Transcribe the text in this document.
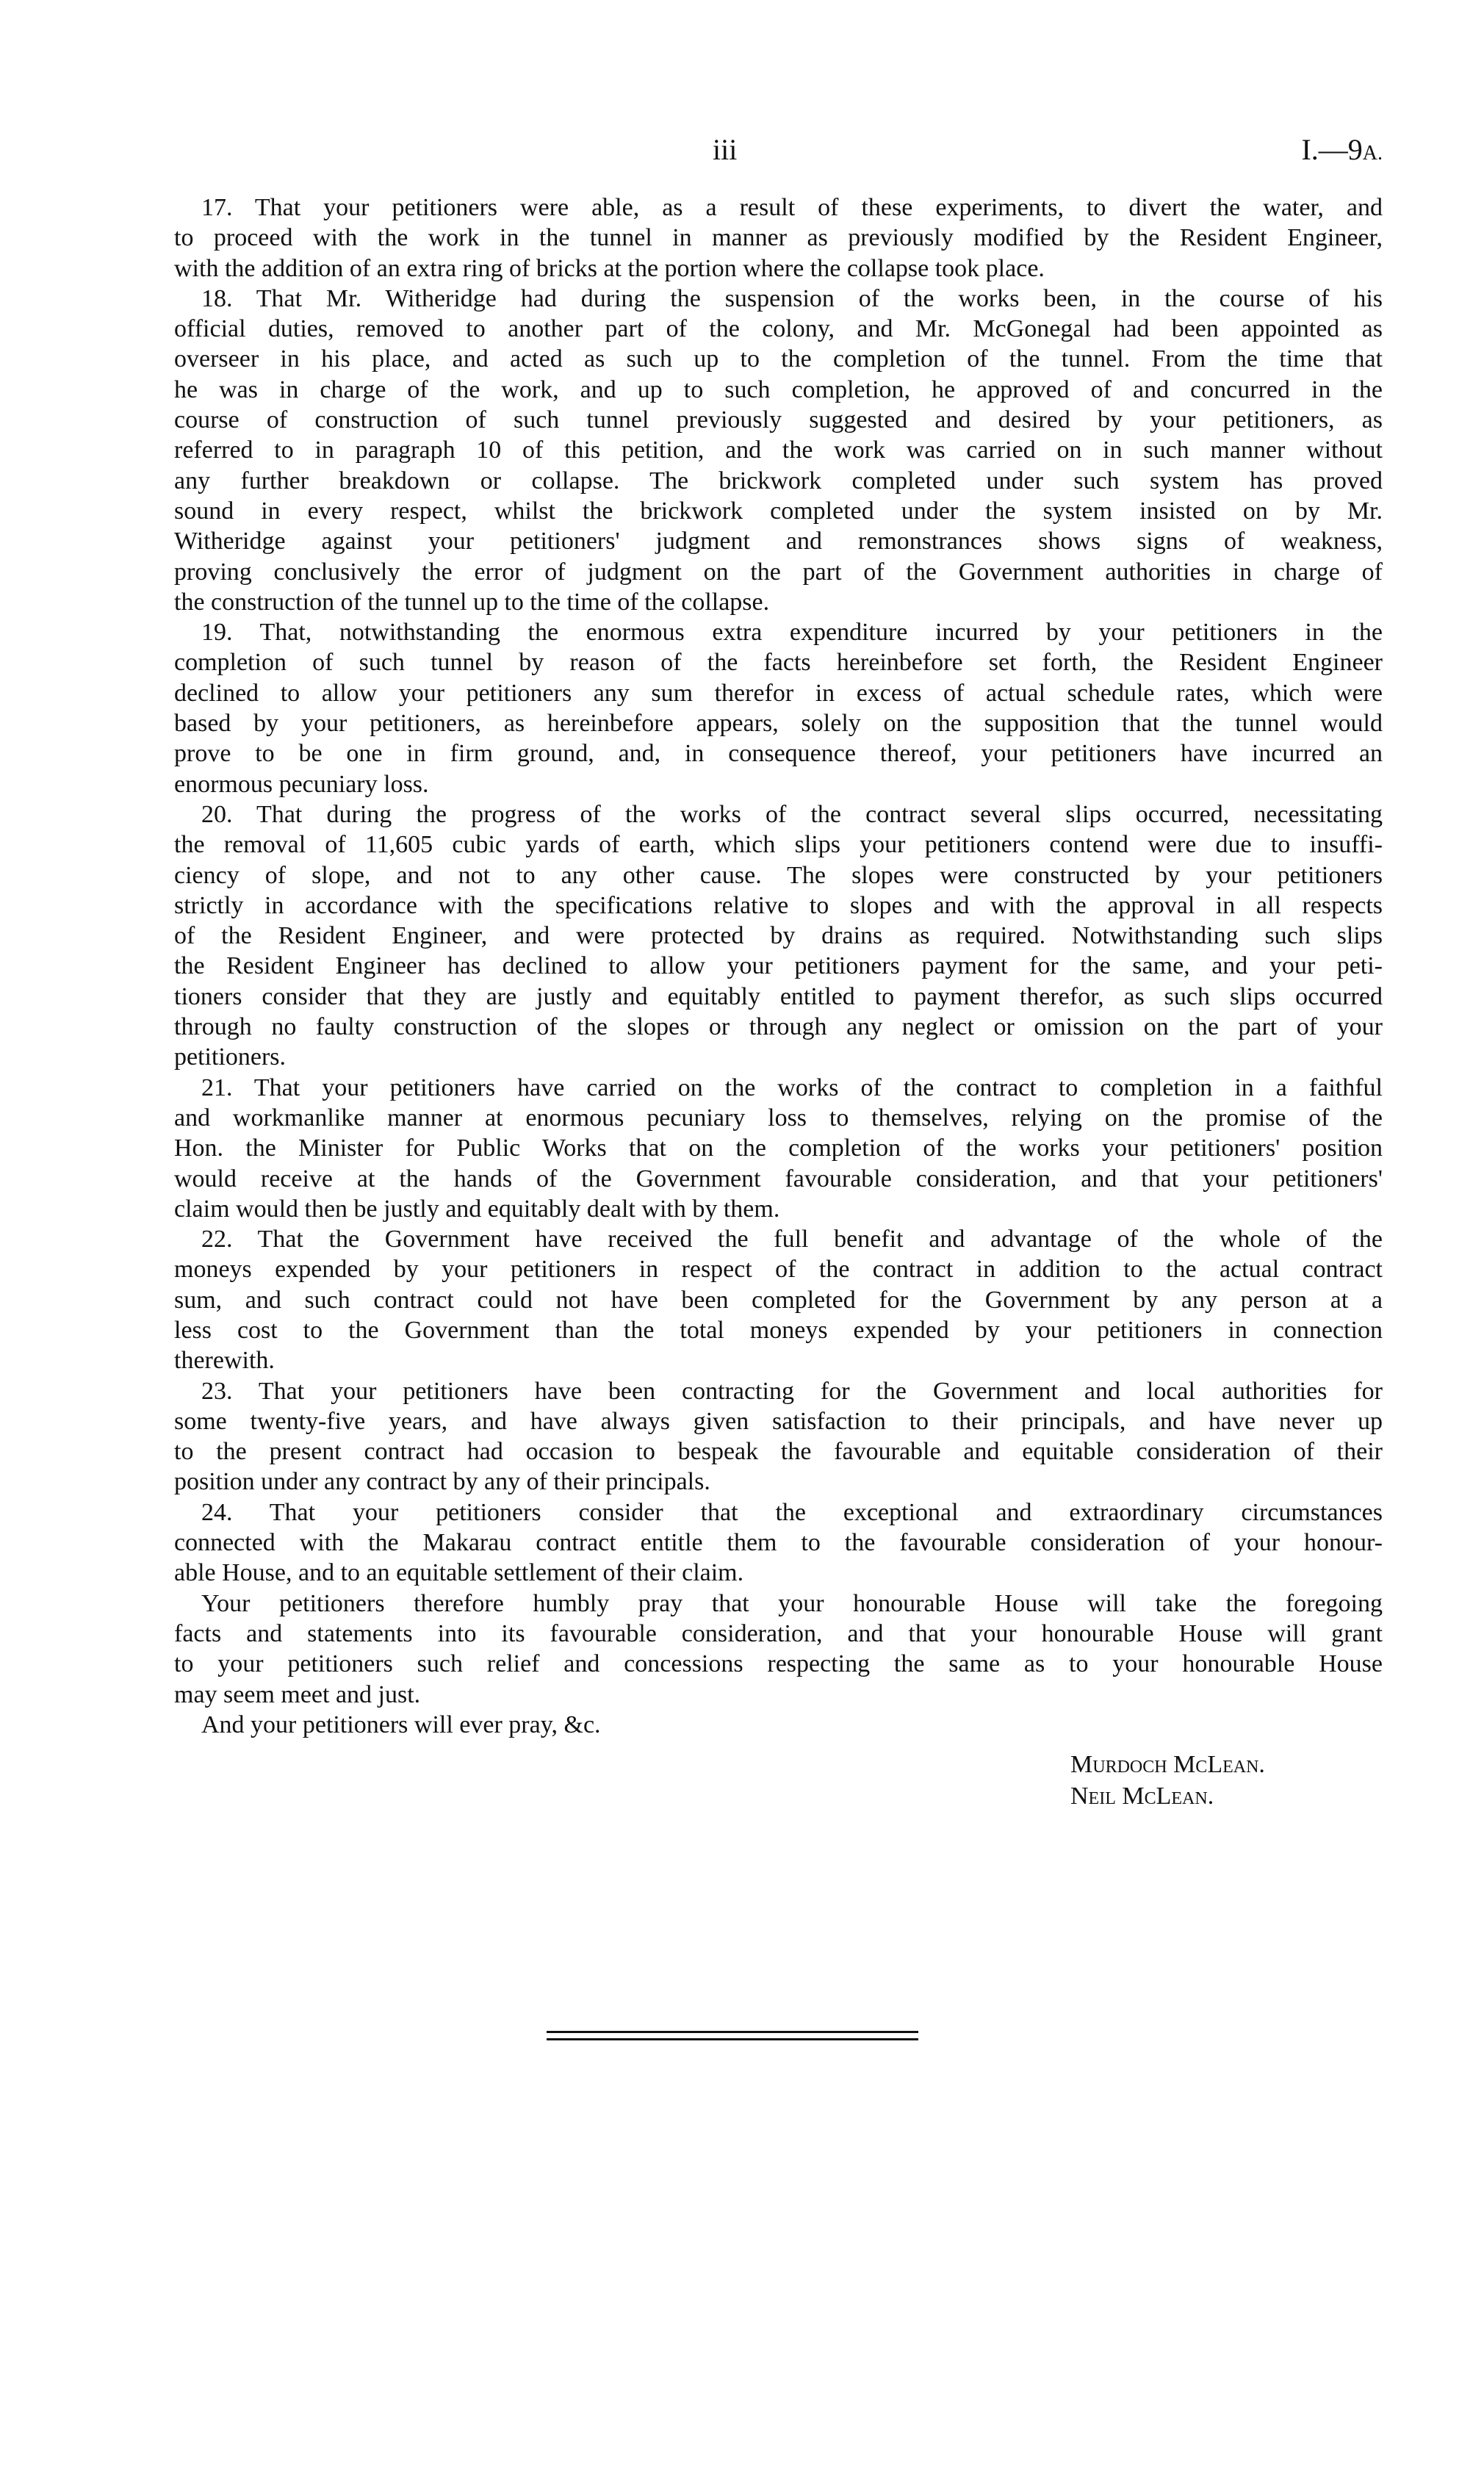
iii	I.—9A.
17. That your petitioners were able, as a result of these experiments, to divert the water, and
to proceed with the work in the tunnel in manner as previously modified by the Resident Engineer,
with the addition of an extra ring of bricks at the portion where the collapse took place.
18. That Mr. Witheridge had during the suspension of the works been, in the course of his
official duties, removed to another part of the colony, and Mr. McGonegal had been appointed as
overseer in his place, and acted as such up to the completion of the tunnel. From the time that
he was in charge of the work, and up to such completion, he approved of and concurred in the
course of construction of such tunnel previously suggested and desired by your petitioners, as
referred to in paragraph 10 of this petition, and the work was carried on in such manner without
any further breakdown or collapse. The brickwork completed under such system has proved
sound in every respect, whilst the brickwork completed under the system insisted on by Mr.
Witheridge against your petitioners' judgment and remonstrances shows signs of weakness,
proving conclusively the error of judgment on the part of the Government authorities in charge of
the construction of the tunnel up to the time of the collapse.
19. That, notwithstanding the enormous extra expenditure incurred by your petitioners in the
completion of such tunnel by reason of the facts hereinbefore set forth, the Resident Engineer
declined to allow your petitioners any sum therefor in excess of actual schedule rates, which were
based by your petitioners, as hereinbefore appears, solely on the supposition that the tunnel would
prove to be one in firm ground, and, in consequence thereof, your petitioners have incurred an
enormous pecuniary loss.
20. That during the progress of the works of the contract several slips occurred, necessitating
the removal of 11,605 cubic yards of earth, which slips your petitioners contend were due to insuffi-
ciency of slope, and not to any other cause. The slopes were constructed by your petitioners
strictly in accordance with the specifications relative to slopes and with the approval in all respects
of the Resident Engineer, and were protected by drains as required. Notwithstanding such slips
the Resident Engineer has declined to allow your petitioners payment for the same, and your peti-
tioners consider that they are justly and equitably entitled to payment therefor, as such slips occurred
through no faulty construction of the slopes or through any neglect or omission on the part of your
petitioners.
21. That your petitioners have carried on the works of the contract to completion in a faithful
and workmanlike manner at enormous pecuniary loss to themselves, relying on the promise of the
Hon. the Minister for Public Works that on the completion of the works your petitioners' position
would receive at the hands of the Government favourable consideration, and that your petitioners'
claim would then be justly and equitably dealt with by them.
22. That the Government have received the full benefit and advantage of the whole of the
moneys expended by your petitioners in respect of the contract in addition to the actual contract
sum, and such contract could not have been completed for the Government by any person at a
less cost to the Government than the total moneys expended by your petitioners in connection
therewith.
23. That your petitioners have been contracting for the Government and local authorities for
some twenty-five years, and have always given satisfaction to their principals, and have never up
to the present contract had occasion to bespeak the favourable and equitable consideration of their
position under any contract by any of their principals.
24. That your petitioners consider that the exceptional and extraordinary circumstances
connected with the Makarau contract entitle them to the favourable consideration of your honour-
able House, and to an equitable settlement of their claim.
Your petitioners therefore humbly pray that your honourable House will take the foregoing
facts and statements into its favourable consideration, and that your honourable House will grant
to your petitioners such relief and concessions respecting the same as to your honourable House
may seem meet and just.
And your petitioners will ever pray, &c.
Murdoch McLean.
Neil McLean.
